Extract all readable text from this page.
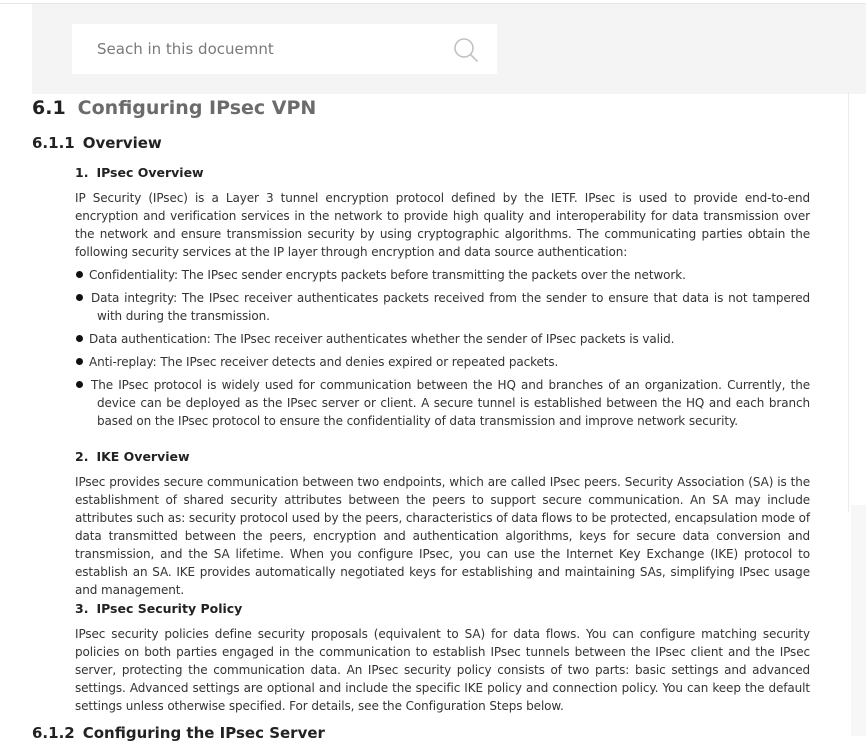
Seach in this docuemnt
6.1 Configuring IPsec VPN
6.1.1 Overview
1. IPsec Overview

IP Security (IPsec) is a Layer 3 tunnel encryption protocol defined by the IETF. IPsec is used to provide end-to-end encryption and verification services in the network to provide high quality and interoperability for data transmission over the network and ensure transmission security by using cryptographic algorithms. The communicating parties obtain the following security services at the IP layer through encryption and data source authentication:

Confidentiality: The IPsec sender encrypts packets before transmitting the packets over the network.
Data integrity: The IPsec receiver authenticates packets received from the sender to ensure that data is not tampered with during the transmission.
Data authentication: The IPsec receiver authenticates whether the sender of IPsec packets is valid.
Anti-replay: The IPsec receiver detects and denies expired or repeated packets.
The IPsec protocol is widely used for communication between the HQ and branches of an organization. Currently, the device can be deployed as the IPsec server or client. A secure tunnel is established between the HQ and each branch based on the IPsec protocol to ensure the confidentiality of data transmission and improve network security.
2. IKE Overview

IPsec provides secure communication between two endpoints, which are called IPsec peers. Security Association (SA) is the establishment of shared security attributes between the peers to support secure communication. An SA may include attributes such as: security protocol used by the peers, characteristics of data flows to be protected, encapsulation mode of data transmitted between the peers, encryption and authentication algorithms, keys for secure data conversion and transmission, and the SA lifetime. When you configure IPsec, you can use the Internet Key Exchange (IKE) protocol to establish an SA. IKE provides automatically negotiated keys for establishing and maintaining SAs, simplifying IPsec usage and management.

3. IPsec Security Policy

IPsec security policies define security proposals (equivalent to SA) for data flows. You can configure matching security policies on both parties engaged in the communication to establish IPsec tunnels between the IPsec client and the IPsec server, protecting the communication data. An IPsec security policy consists of two parts: basic settings and advanced settings. Advanced settings are optional and include the specific IKE policy and connection policy. You can keep the default settings unless otherwise specified. For details, see the Configuration Steps below.

6.1.2 Configuring the IPsec Server
